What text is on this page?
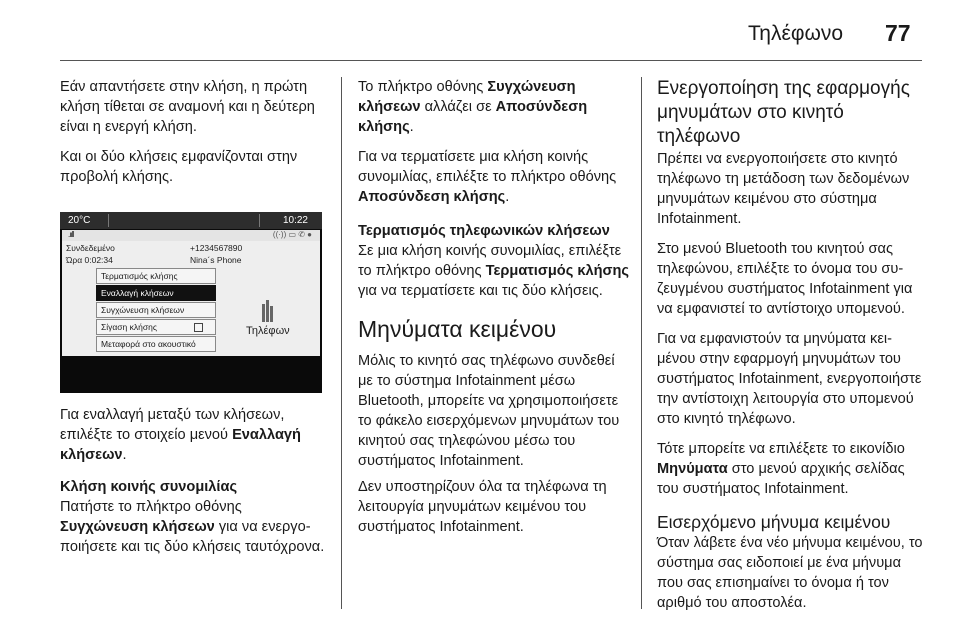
Τηλέφωνο 77

Εάν απαντήσετε στην κλήση, η πρώτη κλήση τίθεται σε αναμονή και η δεύτερη είναι η ενεργή κλήση.

Και οι δύο κλήσεις εμφανίζονται στην προβολή κλήσης.

20°C	10:22
.ııll	((·)) ▭ ✆ ●
Συνδεδεμένο	+1234567890
Ώρα 0:02:34	Nina´s Phone
Τερματισμός κλήσης
Εναλλαγή κλήσεων
Συγχώνευση κλήσεων
Σίγαση κλήσης
Μεταφορά στο ακουστικό
Τηλέφων

Για εναλλαγή μεταξύ των κλήσεων, επιλέξτε το στοιχείο μενού Εναλλαγή κλήσεων.

Κλήση κοινής συνομιλίας

Πατήστε το πλήκτρο οθόνης Συγχώνευση κλήσεων για να ενεργοποιήσετε και τις δύο κλήσεις ταυτόχρονα.

Το πλήκτρο οθόνης Συγχώνευση κλήσεων αλλάζει σε Αποσύνδεση κλήσης.

Για να τερματίσετε μια κλήση κοινής συνομιλίας, επιλέξτε το πλήκτρο οθόνης Αποσύνδεση κλήσης.

Τερματισμός τηλεφωνικών κλήσεων

Σε μια κλήση κοινής συνομιλίας, επιλέξτε το πλήκτρο οθόνης Τερματισμός κλήσης για να τερματίσετε και τις δύο κλήσεις.

Μηνύματα κειμένου

Μόλις το κινητό σας τηλέφωνο συνδεθεί με το σύστημα Infotainment μέσω Bluetooth, μπορείτε να χρησιμοποιήσετε το φάκελο εισερχόμενων μηνυμάτων του κινητού σας τηλεφώνου μέσω του συστήματος Infotainment.

Δεν υποστηρίζουν όλα τα τηλέφωνα τη λειτουργία μηνυμάτων κειμένου του συστήματος Infotainment.

Ενεργοποίηση της εφαρμογής μηνυμάτων στο κινητό τηλέφωνο

Πρέπει να ενεργοποιήσετε στο κινητό τηλέφωνο τη μετάδοση των δεδομένων μηνυμάτων κειμένου στο σύστημα Infotainment.

Στο μενού Bluetooth του κινητού σας τηλεφώνου, επιλέξτε το όνομα του συζευγμένου συστήματος Infotainment για να εμφανιστεί το αντίστοιχο υπομενού.

Για να εμφανιστούν τα μηνύματα κειμένου στην εφαρμογή μηνυμάτων του συστήματος Infotainment, ενεργοποιήστε την αντίστοιχη λειτουργία στο υπομενού στο κινητό τηλέφωνο.

Τότε μπορείτε να επιλέξετε το εικονίδιο Μηνύματα στο μενού αρχικής σελίδας του συστήματος Infotainment.

Εισερχόμενο μήνυμα κειμένου

Όταν λάβετε ένα νέο μήνυμα κειμένου, το σύστημα σας ειδοποιεί με ένα μήνυμα που σας επισημαίνει το όνομα ή τον αριθμό του αποστολέα.
